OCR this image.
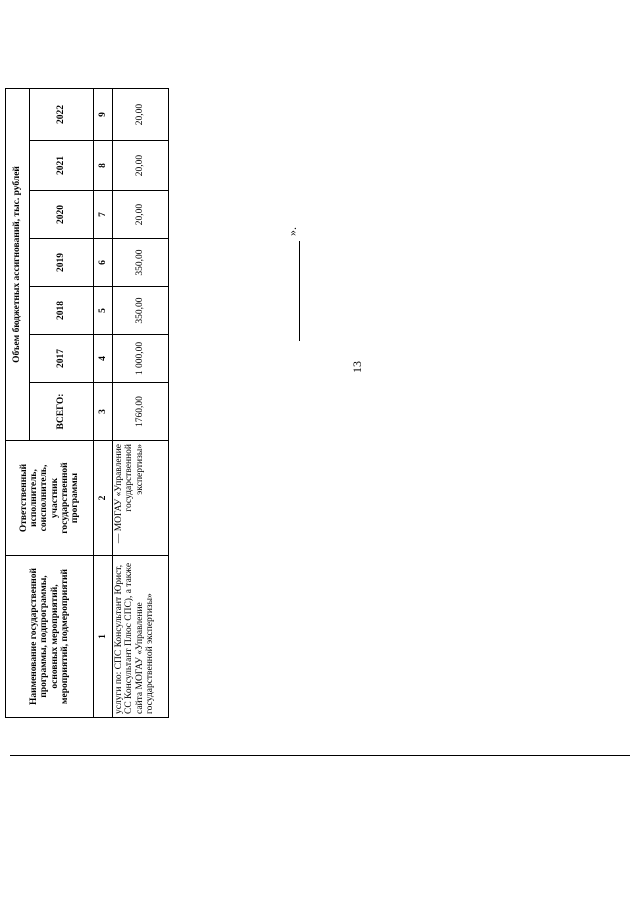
Наименование государственной программы, подпрограммы, основных мероприятий, мероприятий, подмероприятий	Ответственный исполнитель, соисполнитель, участник государственной программы	Объем бюджетных ассигнований, тыс. рублей						
		ВСЕГО:	2017	2018	2019	2020	2021	2022
1	2	3	4	5	6	7	8	9
услуги по: СПС Консультант Юрист, СС Консультант Плюс СПС), а также сайта МОГАУ «Управление государственной экспертизы»	— МОГАУ «Управление государственной экспертизы»	1760,00	1 000,00	350,00	350,00	20,00	20,00	20,00
13
».
